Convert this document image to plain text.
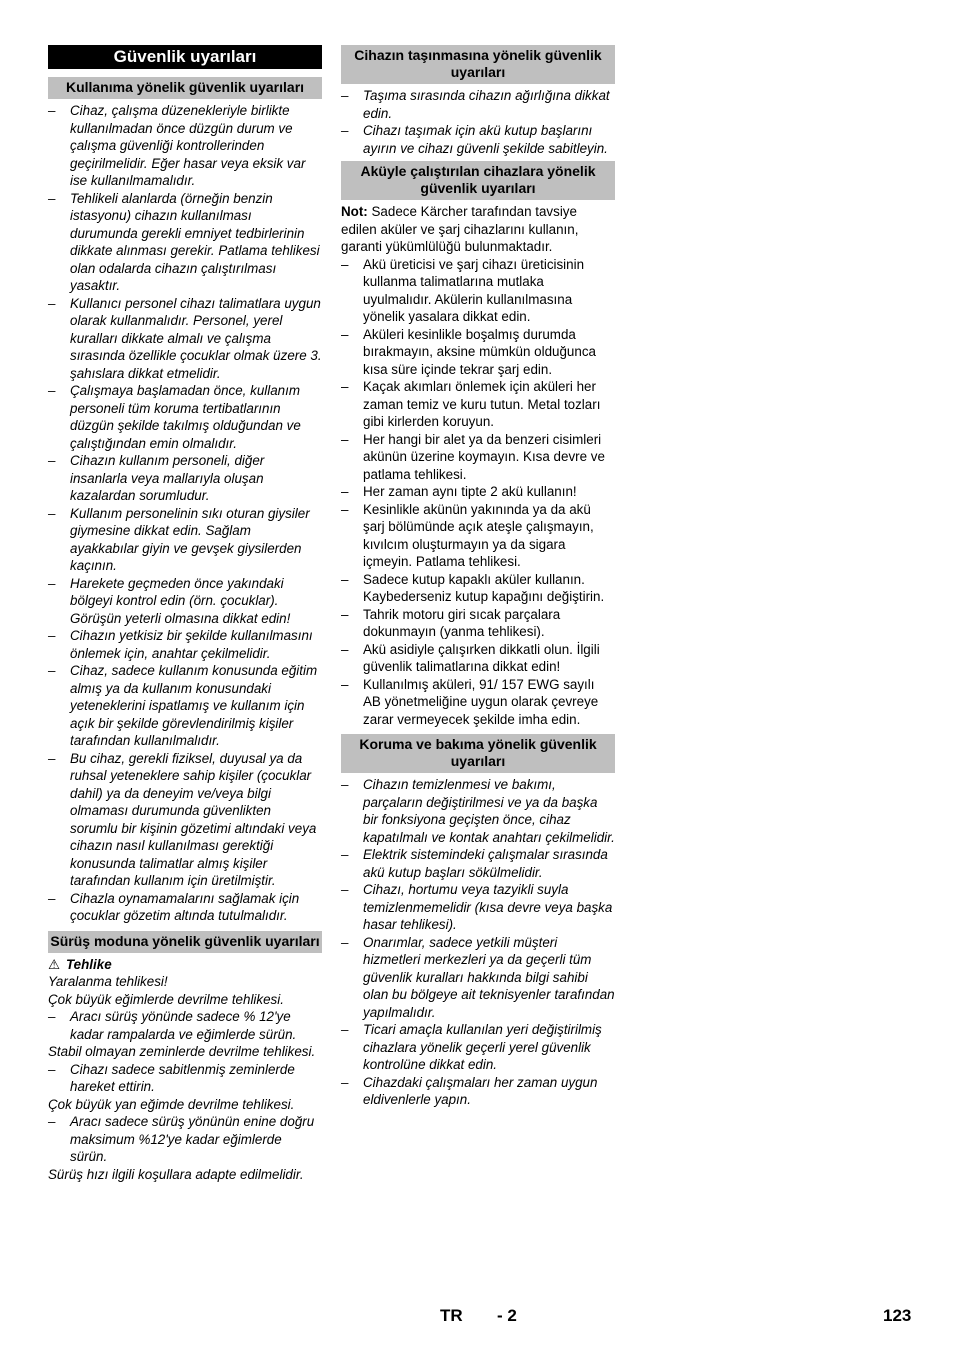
Güvenlik uyarıları
Kullanıma yönelik güvenlik uyarıları
– Cihaz, çalışma düzenekleriyle birlikte kullanılmadan önce düzgün durum ve çalışma güvenliği kontrollerinden geçirilmelidir. Eğer hasar veya eksik var ise kullanılmamalıdır.
– Tehlikeli alanlarda (örneğin benzin istasyonu) cihazın kullanılması durumunda gerekli emniyet tedbirlerinin dikkate alınması gerekir. Patlama tehlikesi olan odalarda cihazın çalıştırılması yasaktır.
– Kullanıcı personel cihazı talimatlara uygun olarak kullanmalıdır. Personel, yerel kuralları dikkate almalı ve çalışma sırasında özellikle çocuklar olmak üzere 3. şahıslara dikkat etmelidir.
– Çalışmaya başlamadan önce, kullanım personeli tüm koruma tertibatlarının düzgün şekilde takılmış olduğundan ve çalıştığından emin olmalıdır.
– Cihazın kullanım personeli, diğer insanlarla veya mallarıyla oluşan kazalardan sorumludur.
– Kullanım personelinin sıkı oturan giysiler giymesine dikkat edin. Sağlam ayakkabılar giyin ve gevşek giysilerden kaçının.
– Harekete geçmeden önce yakındaki bölgeyi kontrol edin (örn. çocuklar). Görüşün yeterli olmasına dikkat edin!
– Cihazın yetkisiz bir şekilde kullanılmasını önlemek için, anahtar çekilmelidir.
– Cihaz, sadece kullanım konusunda eğitim almış ya da kullanım konusundaki yeteneklerini ispatlamış ve kullanım için açık bir şekilde görevlendirilmiş kişiler tarafından kullanılmalıdır.
– Bu cihaz, gerekli fiziksel, duyusal ya da ruhsal yeteneklere sahip kişiler (çocuklar dahil) ya da deneyim ve/veya bilgi olmaması durumunda güvenlikten sorumlu bir kişinin gözetimi altındaki veya cihazın nasıl kullanılması gerektiği konusunda talimatlar almış kişiler tarafından kullanım için üretilmiştir.
– Cihazla oynamamalarını sağlamak için çocuklar gözetim altında tutulmalıdır.
Sürüş moduna yönelik güvenlik uyarıları
⚠ Tehlike

Yaralanma tehlikesi!

Çok büyük eğimlerde devrilme tehlikesi.

– Aracı sürüş yönünde sadece % 12'ye kadar rampalarda ve eğimlerde sürün.

Stabil olmayan zeminlerde devrilme tehlikesi.

– Cihazı sadece sabitlenmiş zeminlerde hareket ettirin.

Çok büyük yan eğimde devrilme tehlikesi.

– Aracı sadece sürüş yönünün enine doğru maksimum %12'ye kadar eğimlerde sürün.

Sürüş hızı ilgili koşullara adapte edilmelidir.

Cihazın taşınmasına yönelik güvenlik uyarıları
– Taşıma sırasında cihazın ağırlığına dikkat edin.
– Cihazı taşımak için akü kutup başlarını ayırın ve cihazı güvenli şekilde sabitleyin.
Aküyle çalıştırılan cihazlara yönelik güvenlik uyarıları

Not: Sadece Kärcher tarafından tavsiye edilen aküler ve şarj cihazlarını kullanın, garanti yükümlülüğü bulunmaktadır.

– Akü üreticisi ve şarj cihazı üreticisinin kullanma talimatlarına mutlaka uyulmalıdır. Akülerin kullanılmasına yönelik yasalara dikkat edin.
– Aküleri kesinlikle boşalmış durumda bırakmayın, aksine mümkün olduğunca kısa süre içinde tekrar şarj edin.
– Kaçak akımları önlemek için aküleri her zaman temiz ve kuru tutun. Metal tozları gibi kirlerden koruyun.
– Her hangi bir alet ya da benzeri cisimleri akünün üzerine koymayın. Kısa devre ve patlama tehlikesi.
– Her zaman aynı tipte 2 akü kullanın!
– Kesinlikle akünün yakınında ya da akü şarj bölümünde açık ateşle çalışmayın, kıvılcım oluşturmayın ya da sigara içmeyin. Patlama tehlikesi.
– Sadece kutup kapaklı aküler kullanın. Kaybederseniz kutup kapağını değiştirin.
– Tahrik motoru giri sıcak parçalara dokunmayın (yanma tehlikesi).
– Akü asidiyle çalışırken dikkatli olun. İlgili güvenlik talimatlarına dikkat edin!
– Kullanılmış aküleri, 91/ 157 EWG sayılı AB yönetmeliğine uygun olarak çevreye zarar vermeyecek şekilde imha edin.
Koruma ve bakıma yönelik güvenlik uyarıları
– Cihazın temizlenmesi ve bakımı, parçaların değiştirilmesi ve ya da başka bir fonksiyona geçişten önce, cihaz kapatılmalı ve kontak anahtarı çekilmelidir.
– Elektrik sistemindeki çalışmalar sırasında akü kutup başları sökülmelidir.
– Cihazı, hortumu veya tazyikli suyla temizlenmemelidir (kısa devre veya başka hasar tehlikesi).
– Onarımlar, sadece yetkili müşteri hizmetleri merkezleri ya da geçerli tüm güvenlik kuralları hakkında bilgi sahibi olan bu bölgeye ait teknisyenler tarafından yapılmalıdır.
– Ticari amaçla kullanılan yeri değiştirilmiş cihazlara yönelik geçerli yerel güvenlik kontrolüne dikkat edin.
– Cihazdaki çalışmaları her zaman uygun eldivenlerle yapın.
TR - 2	123
